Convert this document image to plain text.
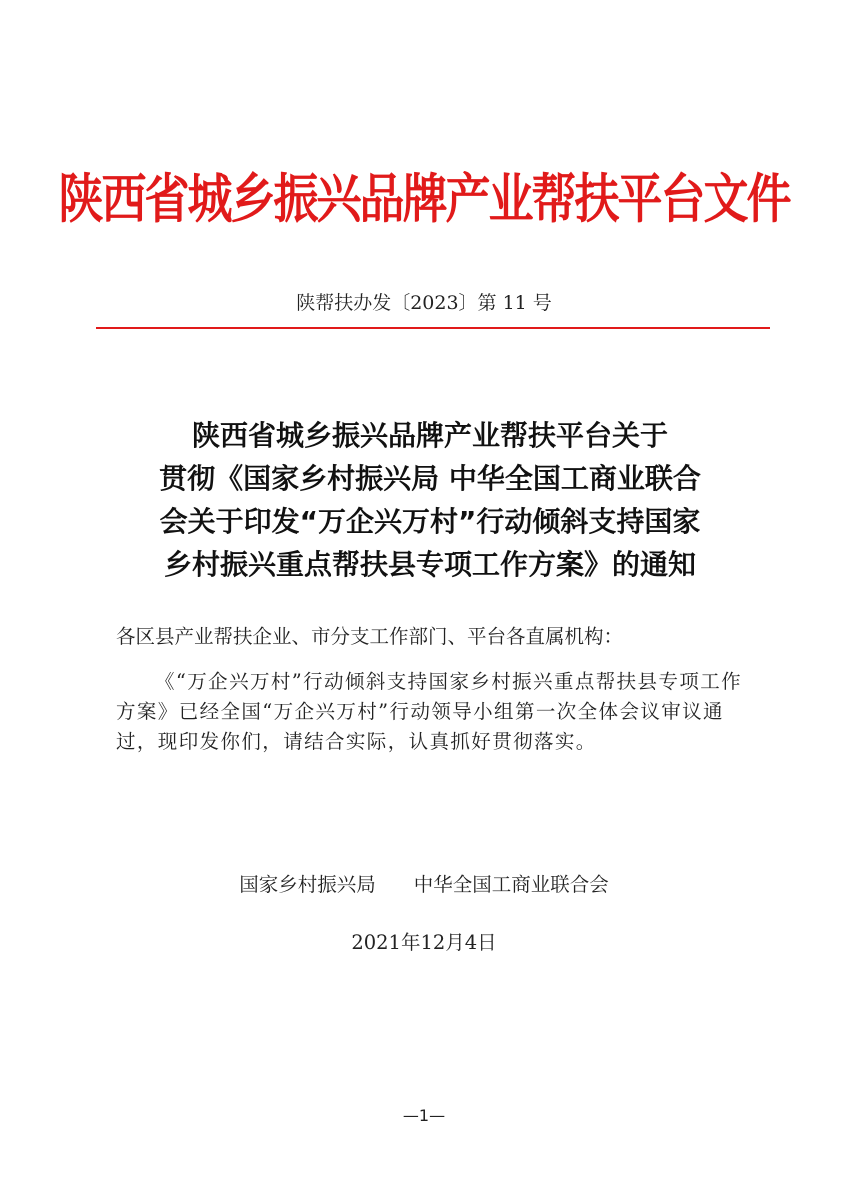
陕西省城乡振兴品牌产业帮扶平台文件
陕帮扶办发〔2023〕第 11 号
陕西省城乡振兴品牌产业帮扶平台关于
贯彻《国家乡村振兴局 中华全国工商业联合
会关于印发“万企兴万村”行动倾斜支持国家
乡村振兴重点帮扶县专项工作方案》的通知
各区县产业帮扶企业、市分支工作部门、平台各直属机构：
《“万企兴万村”行动倾斜支持国家乡村振兴重点帮扶县专项工作方案》已经全国“万企兴万村”行动领导小组第一次全体会议审议通过，现印发你们，请结合实际，认真抓好贯彻落实。
国家乡村振兴局 中华全国工商业联合会
2021年12月4日
—1—
